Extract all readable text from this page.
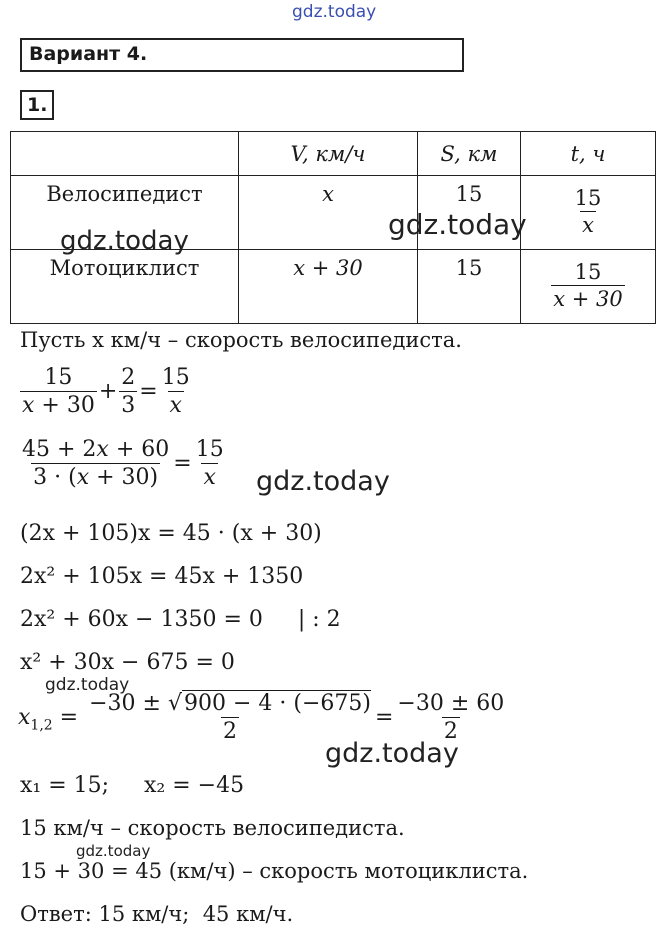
gdz.today
gdz.today	gdz.today
gdz.today
gdz.today
gdz.today
gdz.today
Вариант 4.
1.
	V, км/ч	S, км	t, ч
Велосипедист	x	15	$\frac{15}{x}$

Мотоциклист	x + 30	15	$\frac{15}{x + 30}$
Пусть x км/ч – скорость велосипедиста.
$\frac{15}{x + 30} + \frac{2}{3} = \frac{15}{x}$
$\frac{45 + 2x + 60}{3 \cdot (x + 30)} = \frac{15}{x}$
(2x + 105)x = 45 · (x + 30)
2x² + 105x = 45x + 1350
2x² + 60x − 1350 = 0     | : 2
x² + 30x − 675 = 0
$x_{1,2} = \frac{-30 \pm √900 - 4 \cdot (-675)}{2} = \frac{-30 \pm 60}{2}$
x₁ = 15;     x₂ = −45
15 км/ч – скорость велосипедиста.
15 + 30 = 45 (км/ч) – скорость мотоциклиста.
Ответ: 15 км/ч;  45 км/ч.
